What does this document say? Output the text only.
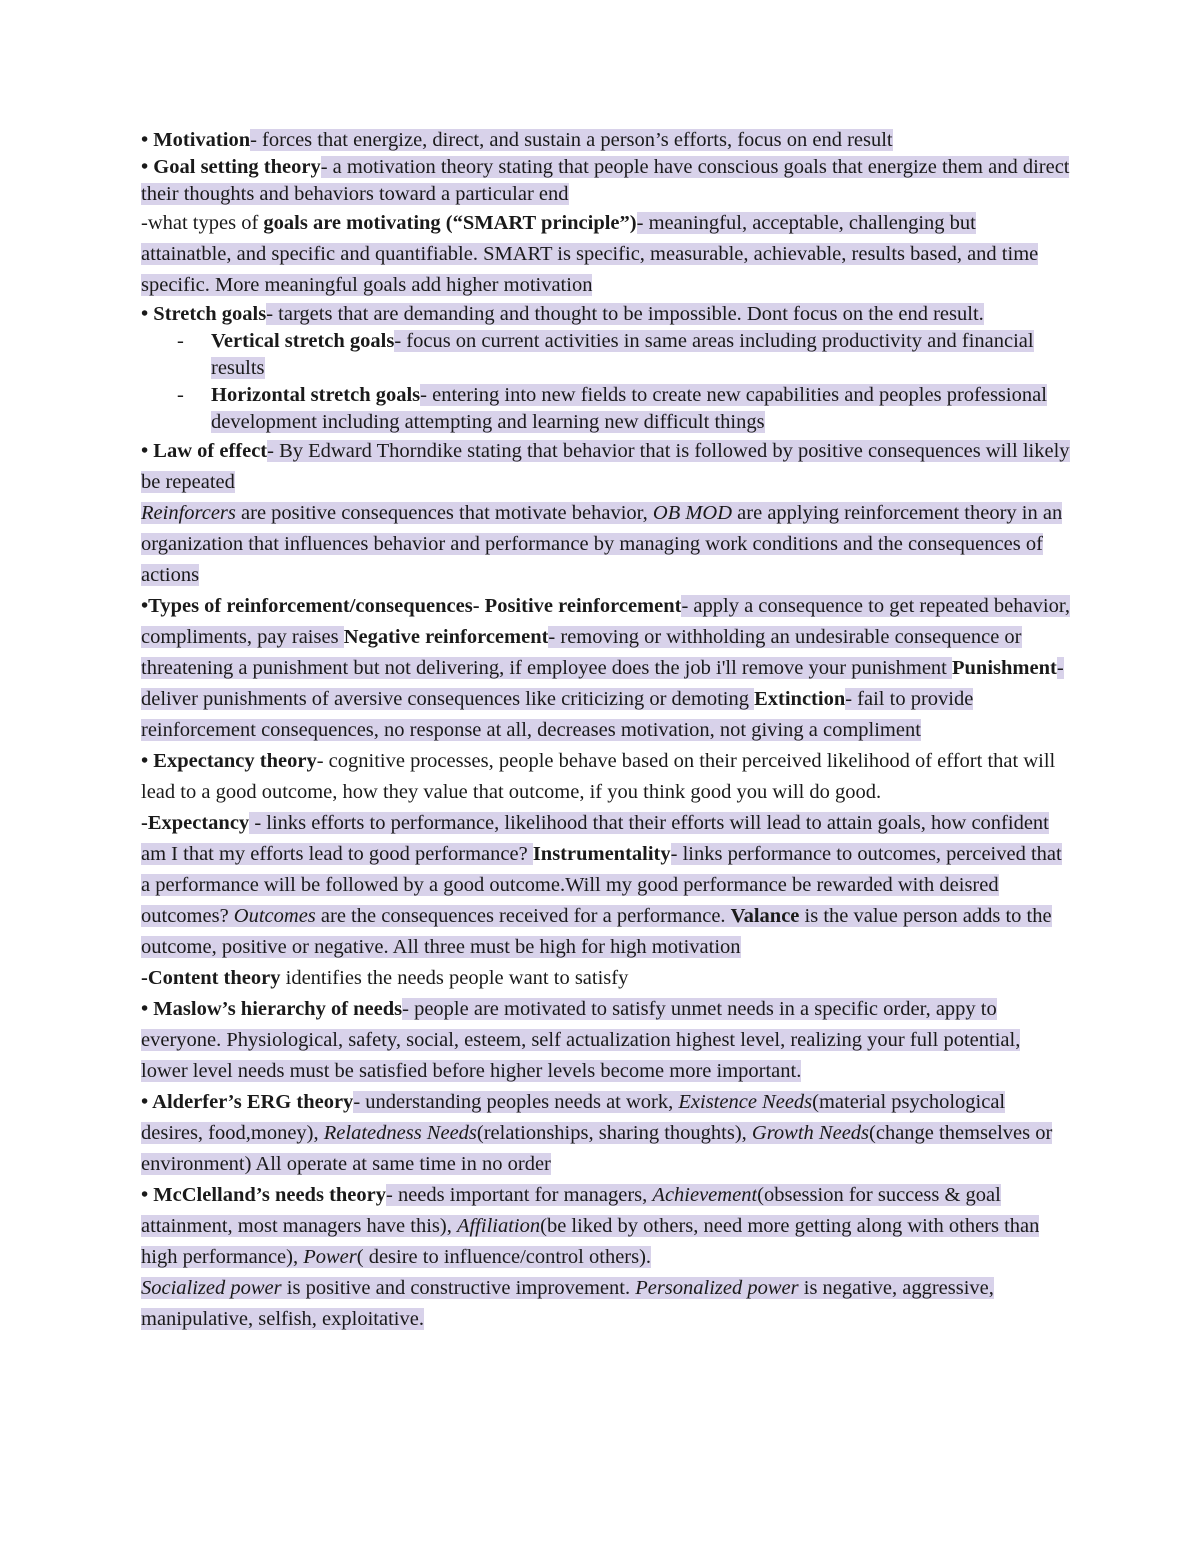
• Motivation- forces that energize, direct, and sustain a person’s efforts, focus on end result

• Goal setting theory- a motivation theory stating that people have conscious goals that energize them and direct their thoughts and behaviors toward a particular end

-what types of goals are motivating (“SMART principle”)- meaningful, acceptable, challenging but attainatble, and specific and quantifiable. SMART is specific, measurable, achievable, results based, and time specific. More meaningful goals add higher motivation

• Stretch goals- targets that are demanding and thought to be impossible. Dont focus on the end result.

- Vertical stretch goals- focus on current activities in same areas including productivity and financial results
- Horizontal stretch goals- entering into new fields to create new capabilities and peoples professional development including attempting and learning new difficult things

• Law of effect- By Edward Thorndike stating that behavior that is followed by positive consequences will likely be repeated

Reinforcers are positive consequences that motivate behavior, OB MOD are applying reinforcement theory in an organization that influences behavior and performance by managing work conditions and the consequences of actions

•Types of reinforcement/consequences- Positive reinforcement- apply a consequence to get repeated behavior, compliments, pay raises Negative reinforcement- removing or withholding an undesirable consequence or threatening a punishment but not delivering, if employee does the job i'll remove your punishment Punishment- deliver punishments of aversive consequences like criticizing or demoting Extinction- fail to provide reinforcement consequences, no response at all, decreases motivation, not giving a compliment

• Expectancy theory- cognitive processes, people behave based on their perceived likelihood of effort that will lead to a good outcome, how they value that outcome, if you think good you will do good.

-Expectancy - links efforts to performance, likelihood that their efforts will lead to attain goals, how confident am I that my efforts lead to good performance? Instrumentality- links performance to outcomes, perceived that a performance will be followed by a good outcome.Will my good performance be rewarded with deisred outcomes? Outcomes are the consequences received for a performance. Valance is the value person adds to the outcome, positive or negative. All three must be high for high motivation

-Content theory identifies the needs people want to satisfy

• Maslow’s hierarchy of needs- people are motivated to satisfy unmet needs in a specific order, appy to everyone. Physiological, safety, social, esteem, self actualization highest level, realizing your full potential, lower level needs must be satisfied before higher levels become more important.

• Alderfer’s ERG theory- understanding peoples needs at work, Existence Needs(material psychological desires, food,money), Relatedness Needs(relationships, sharing thoughts), Growth Needs(change themselves or environment) All operate at same time in no order

• McClelland’s needs theory- needs important for managers, Achievement(obsession for success & goal attainment, most managers have this), Affiliation(be liked by others, need more getting along with others than high performance), Power( desire to influence/control others).

Socialized power is positive and constructive improvement. Personalized power is negative, aggressive, manipulative, selfish, exploitative.
